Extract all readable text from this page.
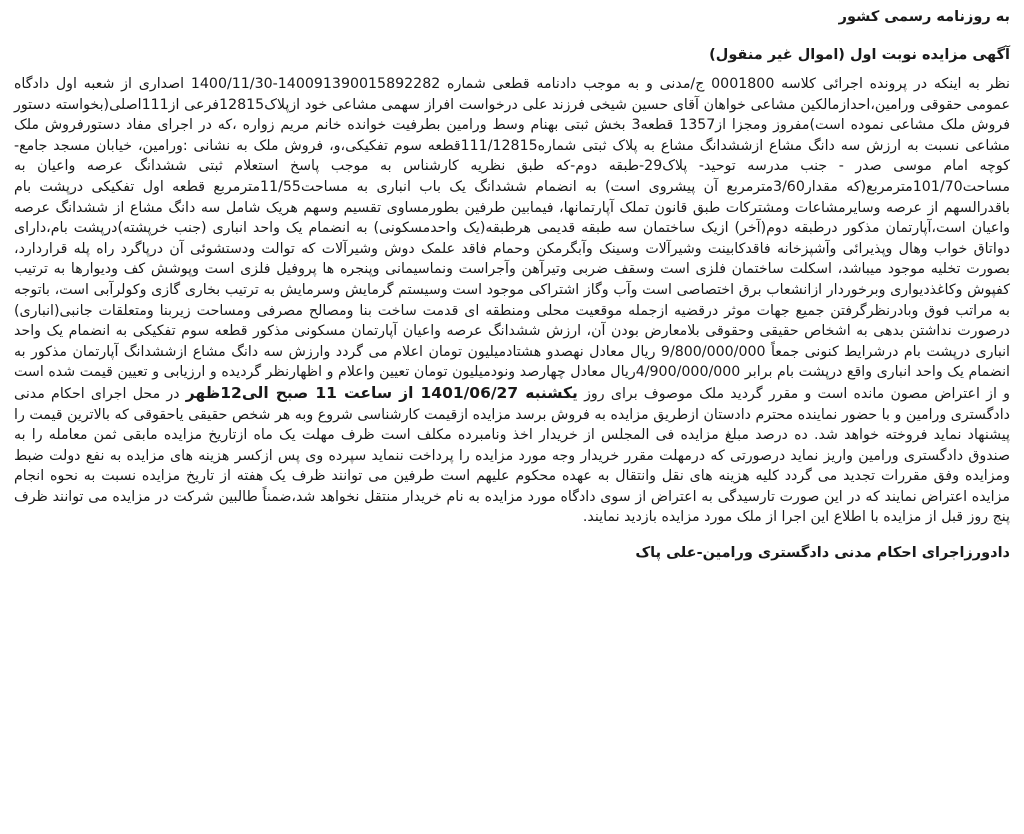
به روزنامه رسمی کشور

آگهی مزایده نوبت اول (اموال غیر منقول)

نظر به اینکه در پرونده اجرائی کلاسه 0001800 ج/مدنی و به موجب دادنامه قطعی شماره 140091390015892282-1400/11/30 اصداری از شعبه اول دادگاه عمومی حقوقی ورامین،احدازمالکین مشاعی خواهان آقای حسین شیخی فرزند علی درخواست افراز سهمی مشاعی خود ازپلاک12815فرعی از111اصلی(بخواسته دستور فروش ملک مشاعی نموده است)مفروز ومجزا از1357 قطعه3 بخش ثبتی بهنام وسط ورامین بطرفیت خوانده خانم مریم زواره ،که در اجرای مفاد دستورفروش ملک مشاعی نسبت به ارزش سه دانگ مشاع ازششدانگ مشاع به پلاک ثبتی شماره111/12815قطعه سوم تفکیکی،و، فروش ملک به نشانی :ورامین، خیابان مسجد جامع-کوچه امام موسی صدر - جنب مدرسه توحید- پلاک29-طبقه دوم-که طبق نظریه کارشناس به موجب پاسخ استعلام ثبتی ششدانگ عرصه واعیان به مساحت101/70مترمربع(که مقدار3/60مترمربع آن پیشروی است) به انضمام ششدانگ یک باب انباری به مساحت11/55مترمربع قطعه اول تفکیکی درپشت بام باقدرالسهم از عرصه وسایرمشاعات ومشترکات طبق قانون تملک آپارتمانها، فیمابین طرفین بطورمساوی تقسیم وسهم هریک شامل سه دانگ مشاع از ششدانگ عرصه واعیان است،آپارتمان مذکور درطبقه دوم(آخر) ازیک ساختمان سه طبقه قدیمی هرطبقه(یک واحدمسکونی) به انضمام یک واحد انباری (جنب خرپشته)درپشت بام،دارای دواتاق خواب وهال وپذیرائی وآشپزخانه فاقدکابینت وشیرآلات وسینک وآبگرمکن وحمام فاقد علمک دوش وشیرآلات که توالت ودستشوئی آن درپاگرد راه پله قراردارد، بصورت تخلیه موجود میباشد، اسکلت ساختمان فلزی است وسقف ضربی وتیرآهن وآجراست ونماسیمانی وپنجره ها پروفیل فلزی است وپوشش کف ودیوارها به ترتیب کفپوش وکاغذدیواری وبرخوردار ازانشعاب برق اختصاصی است وآب وگاز اشتراکی موجود است وسیستم گرمایش وسرمایش به ترتیب بخاری گازی وکولرآبی است، باتوجه به مراتب فوق وبادرنظرگرفتن جمیع جهات موثر درقضیه ازجمله موقعیت محلی ومنطقه ای قدمت ساخت بنا ومصالح مصرفی ومساحت زیربنا ومتعلقات جانبی(انباری) درصورت نداشتن بدهی به اشخاص حقیقی وحقوقی بلامعارض بودن آن، ارزش ششدانگ عرصه واعیان آپارتمان مسکونی مذکور قطعه سوم تفکیکی به انضمام یک واحد انباری درپشت بام درشرایط کنونی جمعاً 9/800/000/000 ریال معادل نهصدو هشتادمیلیون تومان اعلام می گردد وارزش سه دانگ مشاع ازششدانگ آپارتمان مذکور به انضمام یک واحد انباری واقع درپشت بام برابر 4/900/000/000ریال معادل چهارصد ونودمیلیون تومان تعیین واعلام و اظهارنظر گردیده و ارزیابی و تعیین قیمت شده است و از اعتراض مصون مانده است و مقرر گردید ملک موصوف برای روز یکشنبه 1401/06/27 از ساعت 11 صبح الی12ظهر در محل اجرای احکام مدنی دادگستری ورامین و با حضور نماینده محترم دادستان ازطریق مزایده به فروش برسد مزایده ازقیمت کارشناسی شروع وبه هر شخص حقیقی یاحقوقی که بالاترین قیمت را پیشنهاد نماید فروخته خواهد شد. ده درصد مبلغ مزایده فی المجلس از خریدار اخذ ونامبرده مکلف است ظرف مهلت یک ماه ازتاریخ مزایده مابقی ثمن معامله را به صندوق دادگستری ورامین واریز نماید درصورتی که درمهلت مقرر خریدار وجه مورد مزایده را پرداخت ننماید سپرده وی پس ازکسر هزینه های مزایده به نفع دولت ضبط ومزایده وفق مقررات تجدید می گردد کلیه هزینه های نقل وانتقال به عهده محکوم علیهم است طرفین می توانند ظرف یک هفته از تاریخ مزایده نسبت به نحوه انجام مزایده اعتراض نمایند که در این صورت تارسیدگی به اعتراض از سوی دادگاه مورد مزایده به نام خریدار منتقل نخواهد شد،ضمناً طالبین شرکت در مزایده می توانند ظرف پنج روز قبل از مزایده با اطلاع این اجرا از ملک مورد مزایده بازدید نمایند.

دادورزاجرای احکام مدنی دادگستری ورامین-علی پاک
